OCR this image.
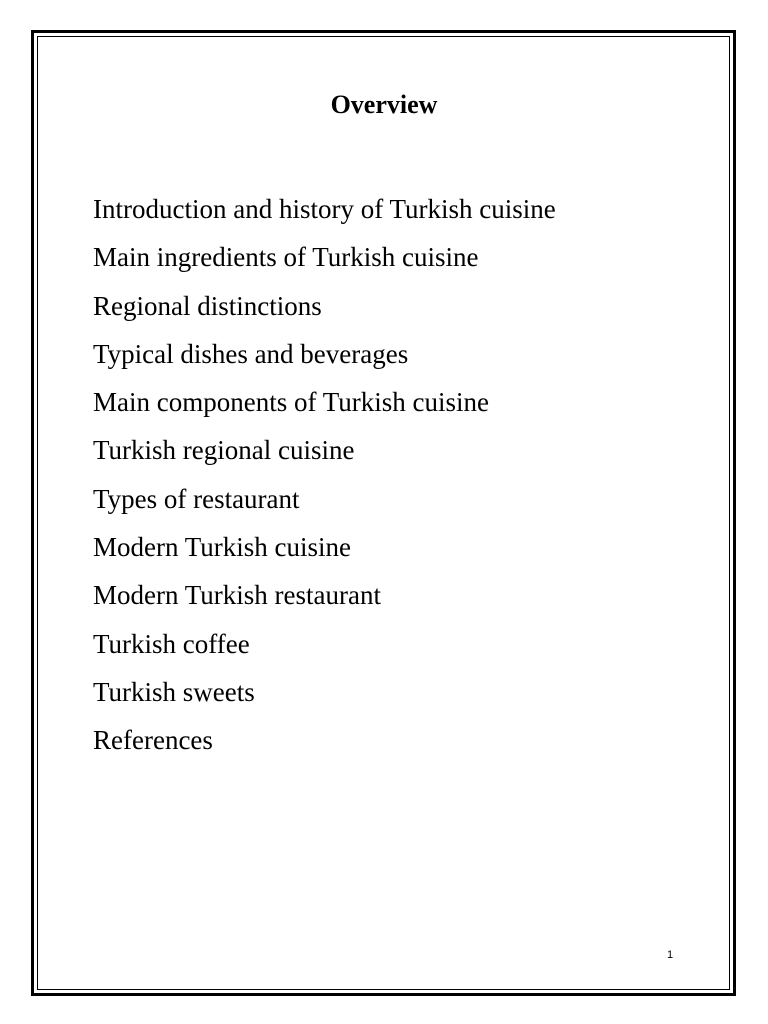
Overview
Introduction and history of Turkish cuisine
Main ingredients of Turkish cuisine
Regional distinctions
Typical dishes and beverages
Main components of Turkish cuisine
Turkish regional cuisine
Types of restaurant
Modern Turkish cuisine
Modern Turkish restaurant
Turkish coffee
Turkish sweets
References
1
